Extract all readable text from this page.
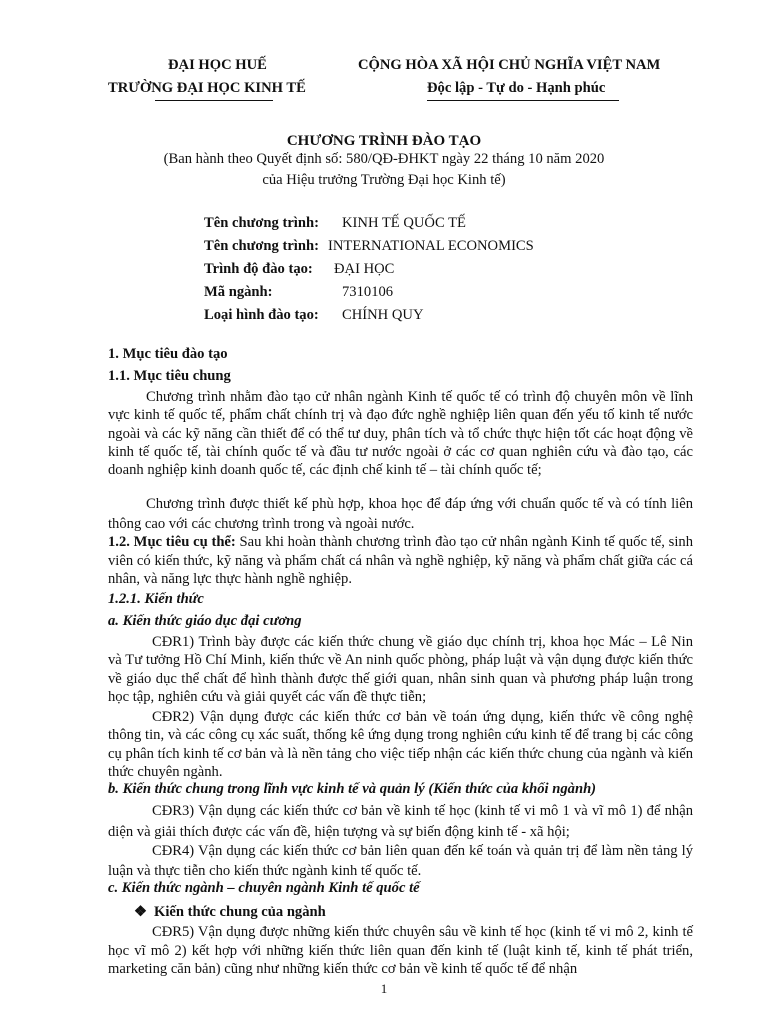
ĐẠI HỌC HUẾ
TRƯỜNG ĐẠI HỌC KINH TẾ
CỘNG HÒA XÃ HỘI CHỦ NGHĨA VIỆT NAM
Độc lập - Tự do - Hạnh phúc
CHƯƠNG TRÌNH ĐÀO TẠO
(Ban hành theo Quyết định số: 580/QĐ-ĐHKT ngày 22 tháng 10 năm 2020
của Hiệu trưởng Trường Đại học Kinh tế)
Tên chương trình: KINH TẾ QUỐC TẾ
Tên chương trình: INTERNATIONAL ECONOMICS
Trình độ đào tạo: ĐẠI HỌC
Mã ngành:	7310106
Loại hình đào tạo: CHÍNH QUY
1. Mục tiêu đào tạo
1.1. Mục tiêu chung
Chương trình nhằm đào tạo cử nhân ngành Kinh tế quốc tế có trình độ chuyên môn về lĩnh vực kinh tế quốc tế, phẩm chất chính trị và đạo đức nghề nghiệp liên quan đến yếu tố kinh tế nước ngoài và các kỹ năng cần thiết để có thể tư duy, phân tích và tổ chức thực hiện tốt các hoạt động về kinh tế quốc tế, tài chính quốc tế và đầu tư nước ngoài ở các cơ quan nghiên cứu và đào tạo, các doanh nghiệp kinh doanh quốc tế, các định chế kinh tế – tài chính quốc tế;
Chương trình được thiết kế phù hợp, khoa học để đáp ứng với chuẩn quốc tế và có tính liên thông cao với các chương trình trong và ngoài nước.
1.2. Mục tiêu cụ thể: Sau khi hoàn thành chương trình đào tạo cử nhân ngành Kinh tế quốc tế, sinh viên có kiến thức, kỹ năng và phẩm chất cá nhân và nghề nghiệp, kỹ năng và phẩm chất giữa các cá nhân, và năng lực thực hành nghề nghiệp.
1.2.1. Kiến thức
a. Kiến thức giáo dục đại cương
CĐR1) Trình bày được các kiến thức chung về giáo dục chính trị, khoa học Mác – Lê Nin và Tư tưởng Hồ Chí Minh, kiến thức về An ninh quốc phòng, pháp luật và vận dụng được kiến thức về giáo dục thể chất để hình thành được thế giới quan, nhân sinh quan và phương pháp luận trong học tập, nghiên cứu và giải quyết các vấn đề thực tiễn;
CĐR2) Vận dụng được các kiến thức cơ bản về toán ứng dụng, kiến thức về công nghệ thông tin, và các công cụ xác suất, thống kê ứng dụng trong nghiên cứu kinh tế để trang bị các công cụ phân tích kinh tế cơ bản và là nền tảng cho việc tiếp nhận các kiến thức chung của ngành và kiến thức chuyên ngành.
b. Kiến thức chung trong lĩnh vực kinh tế và quản lý (Kiến thức của khối ngành)
CĐR3) Vận dụng các kiến thức cơ bản về kinh tế học (kinh tế vi mô 1 và vĩ mô 1) để nhận diện và giải thích được các vấn đề, hiện tượng và sự biến động kinh tế - xã hội;
CĐR4) Vận dụng các kiến thức cơ bản liên quan đến kế toán và quản trị để làm nền tảng lý luận và thực tiễn cho kiến thức ngành kinh tế quốc tế.
c. Kiến thức ngành – chuyên ngành Kinh tế quốc tế
❖ Kiến thức chung của ngành
CĐR5) Vận dụng được những kiến thức chuyên sâu về kinh tế học (kinh tế vi mô 2, kinh tế học vĩ mô 2) kết hợp với những kiến thức liên quan đến kinh tế (luật kinh tế, kinh tế phát triển, marketing căn bản) cũng như những kiến thức cơ bản về kinh tế quốc tế để nhận
1
